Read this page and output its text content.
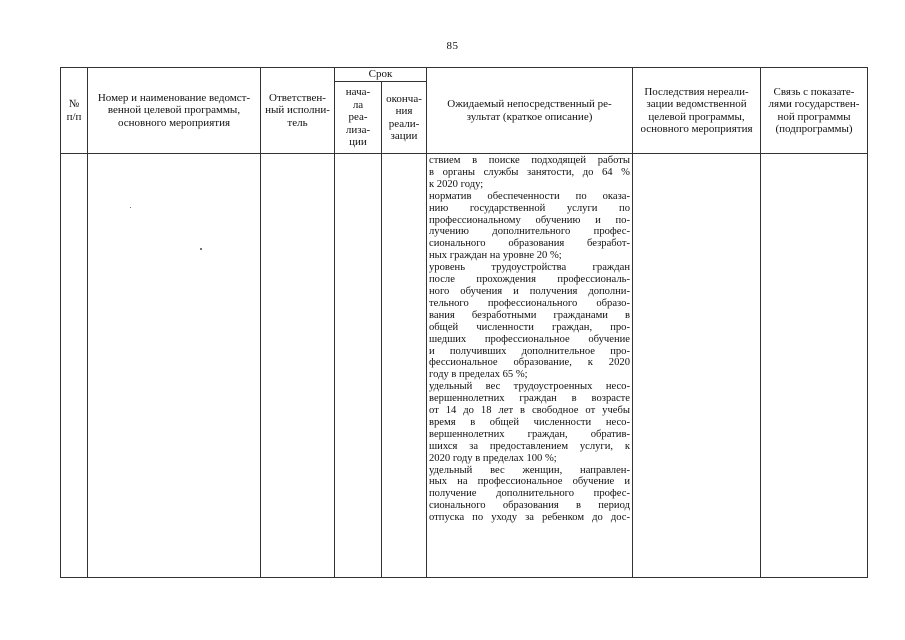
85
№
п/п
Номер и наименование ведомст-
венной целевой программы,
основного мероприятия
Ответствен-
ный исполни-
тель
Срок
нача-
ла
реа-
лиза-
ции
оконча-
ния
реали-
зации
Ожидаемый непосредственный ре-
зультат (краткое описание)
Последствия нереали-
зации ведомственной
целевой программы,
основного мероприятия
Связь с показате-
лями государствен-
ной программы
(подпрограммы)
ствием в поиске подходящей работы
в органы службы занятости, до 64 %
к 2020 году;
норматив обеспеченности по оказа-
нию государственной услуги по
профессиональному обучению и по-
лучению дополнительного профес-
сионального образования безработ-
ных граждан на уровне 20 %;
уровень трудоустройства граждан
после прохождения профессиональ-
ного обучения и получения дополни-
тельного профессионального образо-
вания безработными гражданами в
общей численности граждан, про-
шедших профессиональное обучение
и получивших дополнительное про-
фессиональное образование, к 2020
году в пределах 65 %;
удельный вес трудоустроенных несо-
вершеннолетних граждан в возрасте
от 14 до 18 лет в свободное от учебы
время в общей численности несо-
вершеннолетних граждан, обратив-
шихся за предоставлением услуги, к
2020 году в пределах 100 %;
удельный вес женщин, направлен-
ных на профессиональное обучение и
получение дополнительного профес-
сионального образования в период
отпуска по уходу за ребенком до дос-
